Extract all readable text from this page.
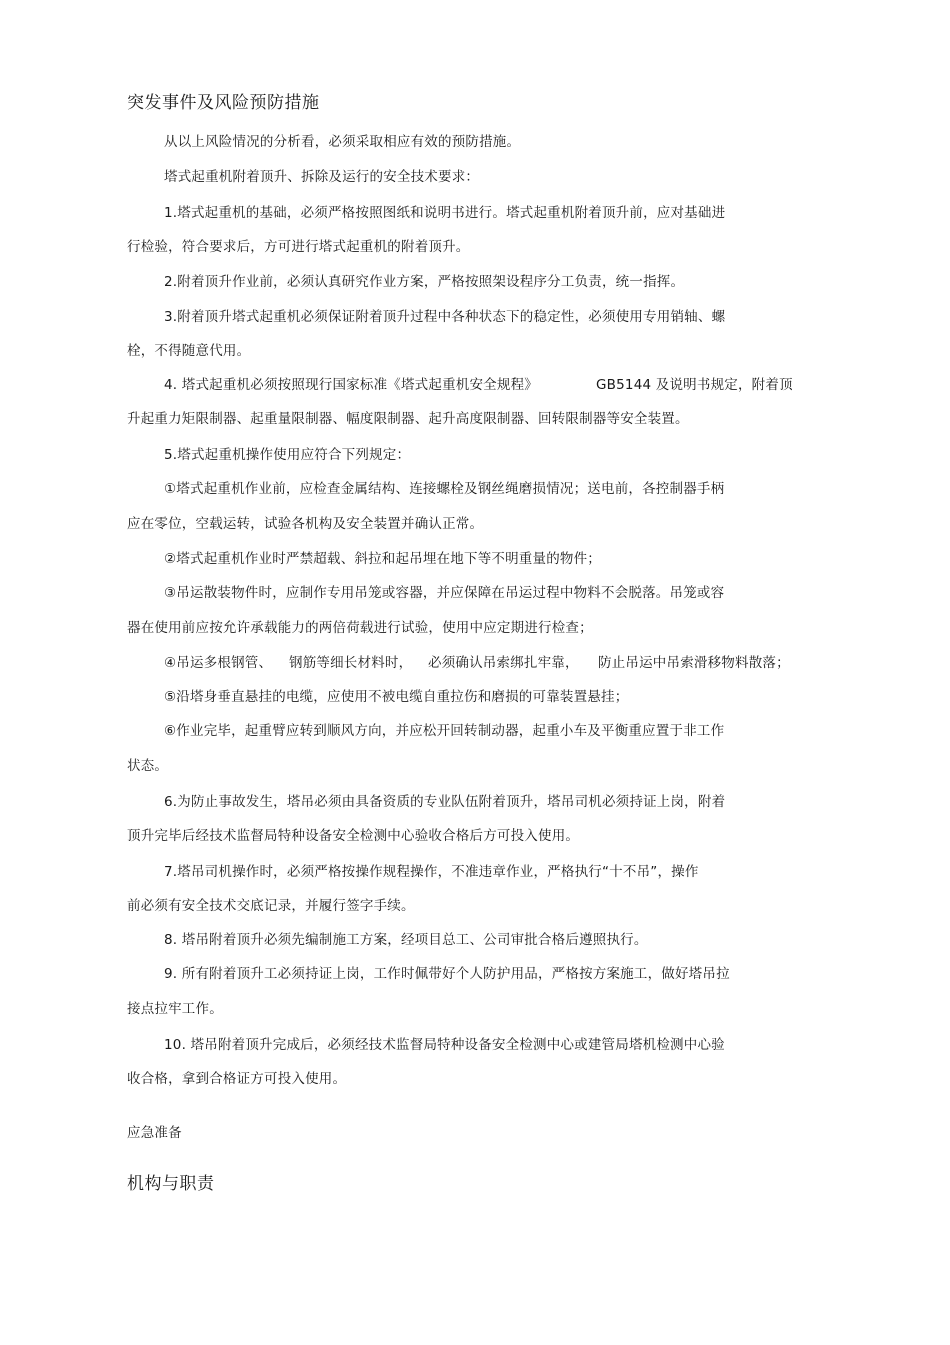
突发事件及风险预防措施
从以上风险情况的分析看，必须采取相应有效的预防措施。
塔式起重机附着顶升、拆除及运行的安全技术要求：
1.塔式起重机的基础，必须严格按照图纸和说明书进行。塔式起重机附着顶升前，应对基础进
行检验，符合要求后，方可进行塔式起重机的附着顶升。
2.附着顶升作业前，必须认真研究作业方案，严格按照架设程序分工负责，统一指挥。
3.附着顶升塔式起重机必须保证附着顶升过程中各种状态下的稳定性，必须使用专用销轴、螺
栓，不得随意代用。
4. 塔式起重机必须按照现行国家标准《塔式起重机安全规程》	GB5144 及说明书规定，附着顶
升起重力矩限制器、起重量限制器、幅度限制器、起升高度限制器、回转限制器等安全装置。
5.塔式起重机操作使用应符合下列规定：
①塔式起重机作业前，应检查金属结构、连接螺栓及钢丝绳磨损情况；送电前，各控制器手柄
应在零位，空载运转，试验各机构及安全装置并确认正常。
②塔式起重机作业时严禁超载、斜拉和起吊埋在地下等不明重量的物件；
③吊运散装物件时，应制作专用吊笼或容器，并应保障在吊运过程中物料不会脱落。吊笼或容
器在使用前应按允许承载能力的两倍荷载进行试验，使用中应定期进行检查；
④吊运多根钢管、 钢筋等细长材料时， 必须确认吊索绑扎牢靠， 防止吊运中吊索滑移物料散落；
⑤沿塔身垂直悬挂的电缆，应使用不被电缆自重拉伤和磨损的可靠装置悬挂；
⑥作业完毕，起重臂应转到顺风方向，并应松开回转制动器，起重小车及平衡重应置于非工作
状态。
6.为防止事故发生，塔吊必须由具备资质的专业队伍附着顶升，塔吊司机必须持证上岗，附着
顶升完毕后经技术监督局特种设备安全检测中心验收合格后方可投入使用。
7.塔吊司机操作时，必须严格按操作规程操作，不准违章作业，严格执行“十不吊”，操作
前必须有安全技术交底记录，并履行签字手续。
8. 塔吊附着顶升必须先编制施工方案，经项目总工、公司审批合格后遵照执行。
9. 所有附着顶升工必须持证上岗，工作时佩带好个人防护用品，严格按方案施工，做好塔吊拉
接点拉牢工作。
10. 塔吊附着顶升完成后，必须经技术监督局特种设备安全检测中心或建管局塔机检测中心验
收合格，拿到合格证方可投入使用。
应急准备
机构与职责
